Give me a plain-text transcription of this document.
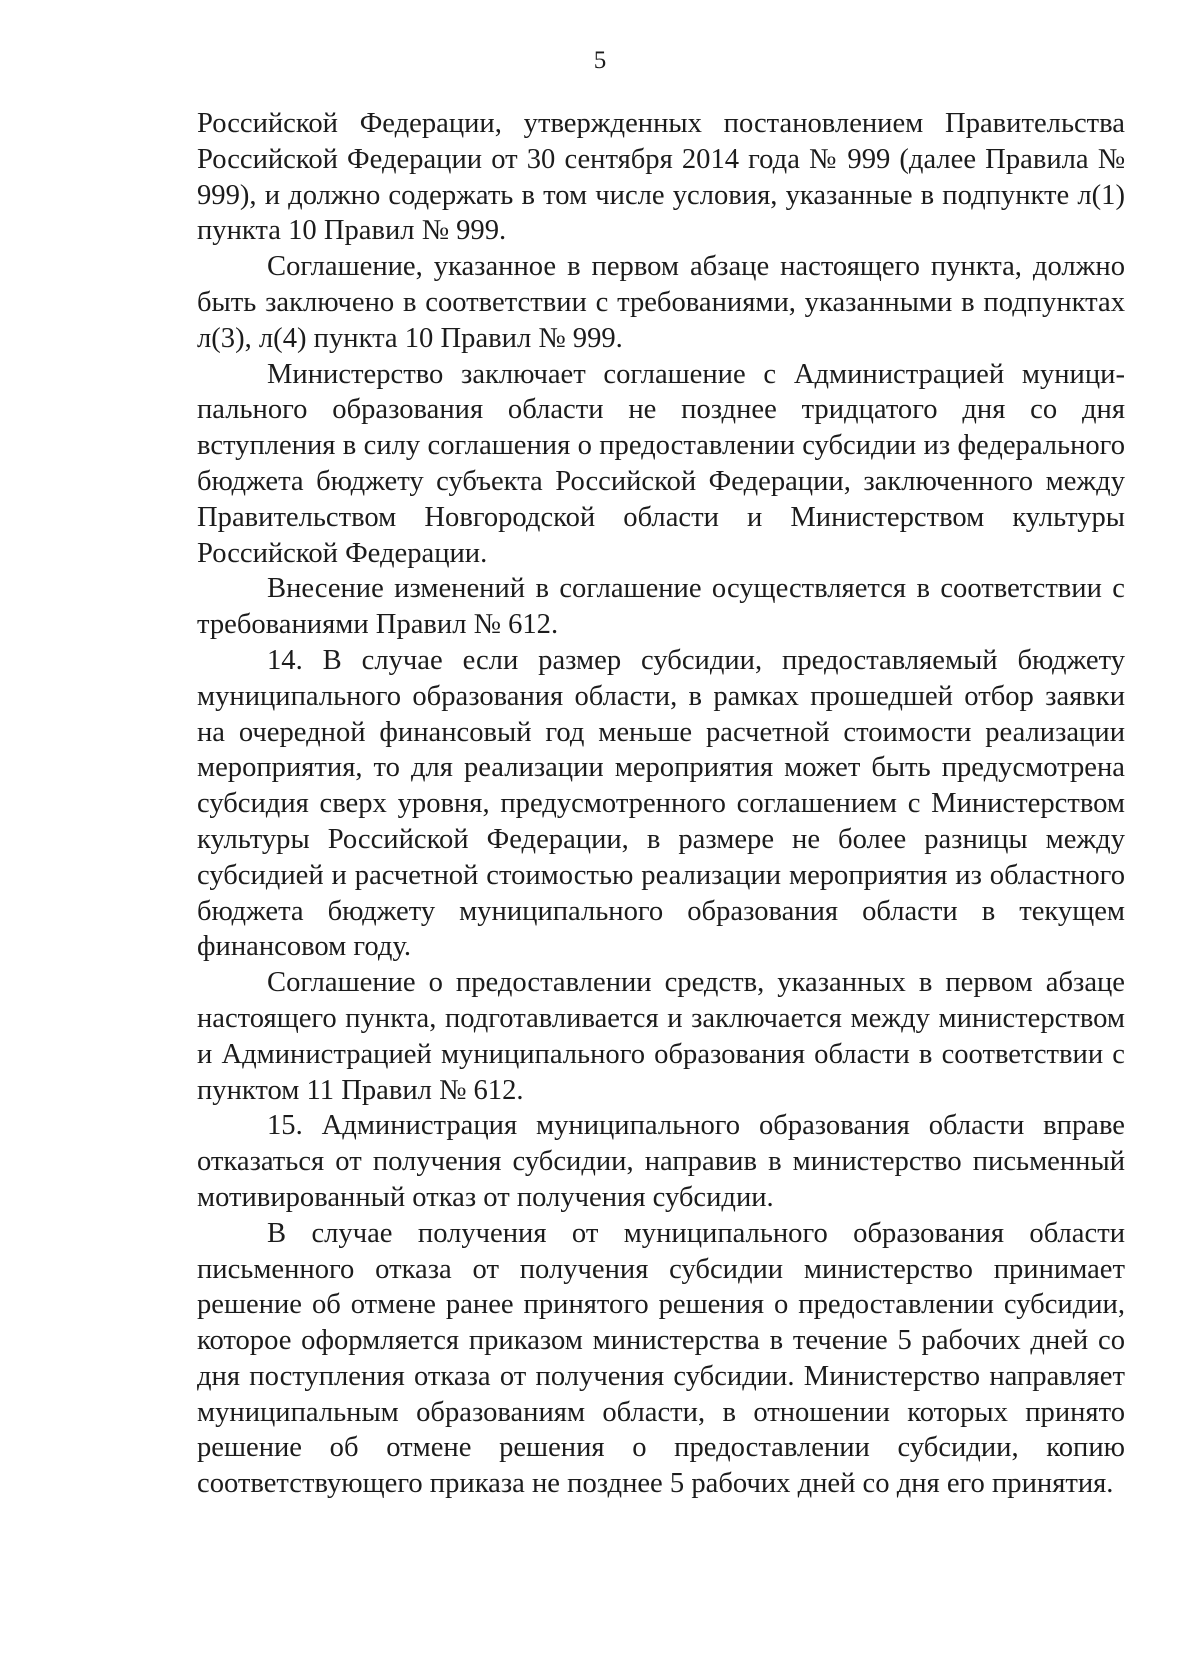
5

Российской Федерации, утвержденных постановлением Правительства Российской Федерации от 30 сентября 2014 года № 999 (далее Правила № 999), и должно содержать в том числе условия, указанные в подпункте л(1) пункта 10 Правил № 999.

Соглашение, указанное в первом абзаце настоящего пункта, должно быть заключено в соответствии с требованиями, указанными в подпунктах л(3), л(4) пункта 10 Правил № 999.

Министерство заключает соглашение с Администрацией муниципального образования области не позднее тридцатого дня со дня вступления в силу соглашения о предоставлении субсидии из федерального бюджета бюджету субъекта Российской Федерации, заключенного между Правительством Новгородской области и Министерством культуры Российской Федерации.

Внесение изменений в соглашение осуществляется в соответствии с требованиями Правил № 612.

14. В случае если размер субсидии, предоставляемый бюджету муниципального образования области, в рамках прошедшей отбор заявки на очередной финансовый год меньше расчетной стоимости реализации мероприятия, то для реализации мероприятия может быть предусмотрена субсидия сверх уровня, предусмотренного соглашением с Министерством культуры Российской Федерации, в размере не более разницы между субсидией и расчетной стоимостью реализации мероприятия из областного бюджета бюджету муниципального образования области в текущем финансовом году.

Соглашение о предоставлении средств, указанных в первом абзаце настоящего пункта, подготавливается и заключается между министерством и Администрацией муниципального образования области в соответствии с пунктом 11 Правил № 612.

15. Администрация муниципального образования области вправе отказаться от получения субсидии, направив в министерство письменный мотивированный отказ от получения субсидии.

В случае получения от муниципального образования области письменного отказа от получения субсидии министерство принимает решение об отмене ранее принятого решения о предоставлении субсидии, которое оформляется приказом министерства в течение 5 рабочих дней со дня поступления отказа от получения субсидии. Министерство направляет муниципальным образованиям области, в отношении которых принято решение об отмене решения о предоставлении субсидии, копию соответствующего приказа не позднее 5 рабочих дней со дня его принятия.
